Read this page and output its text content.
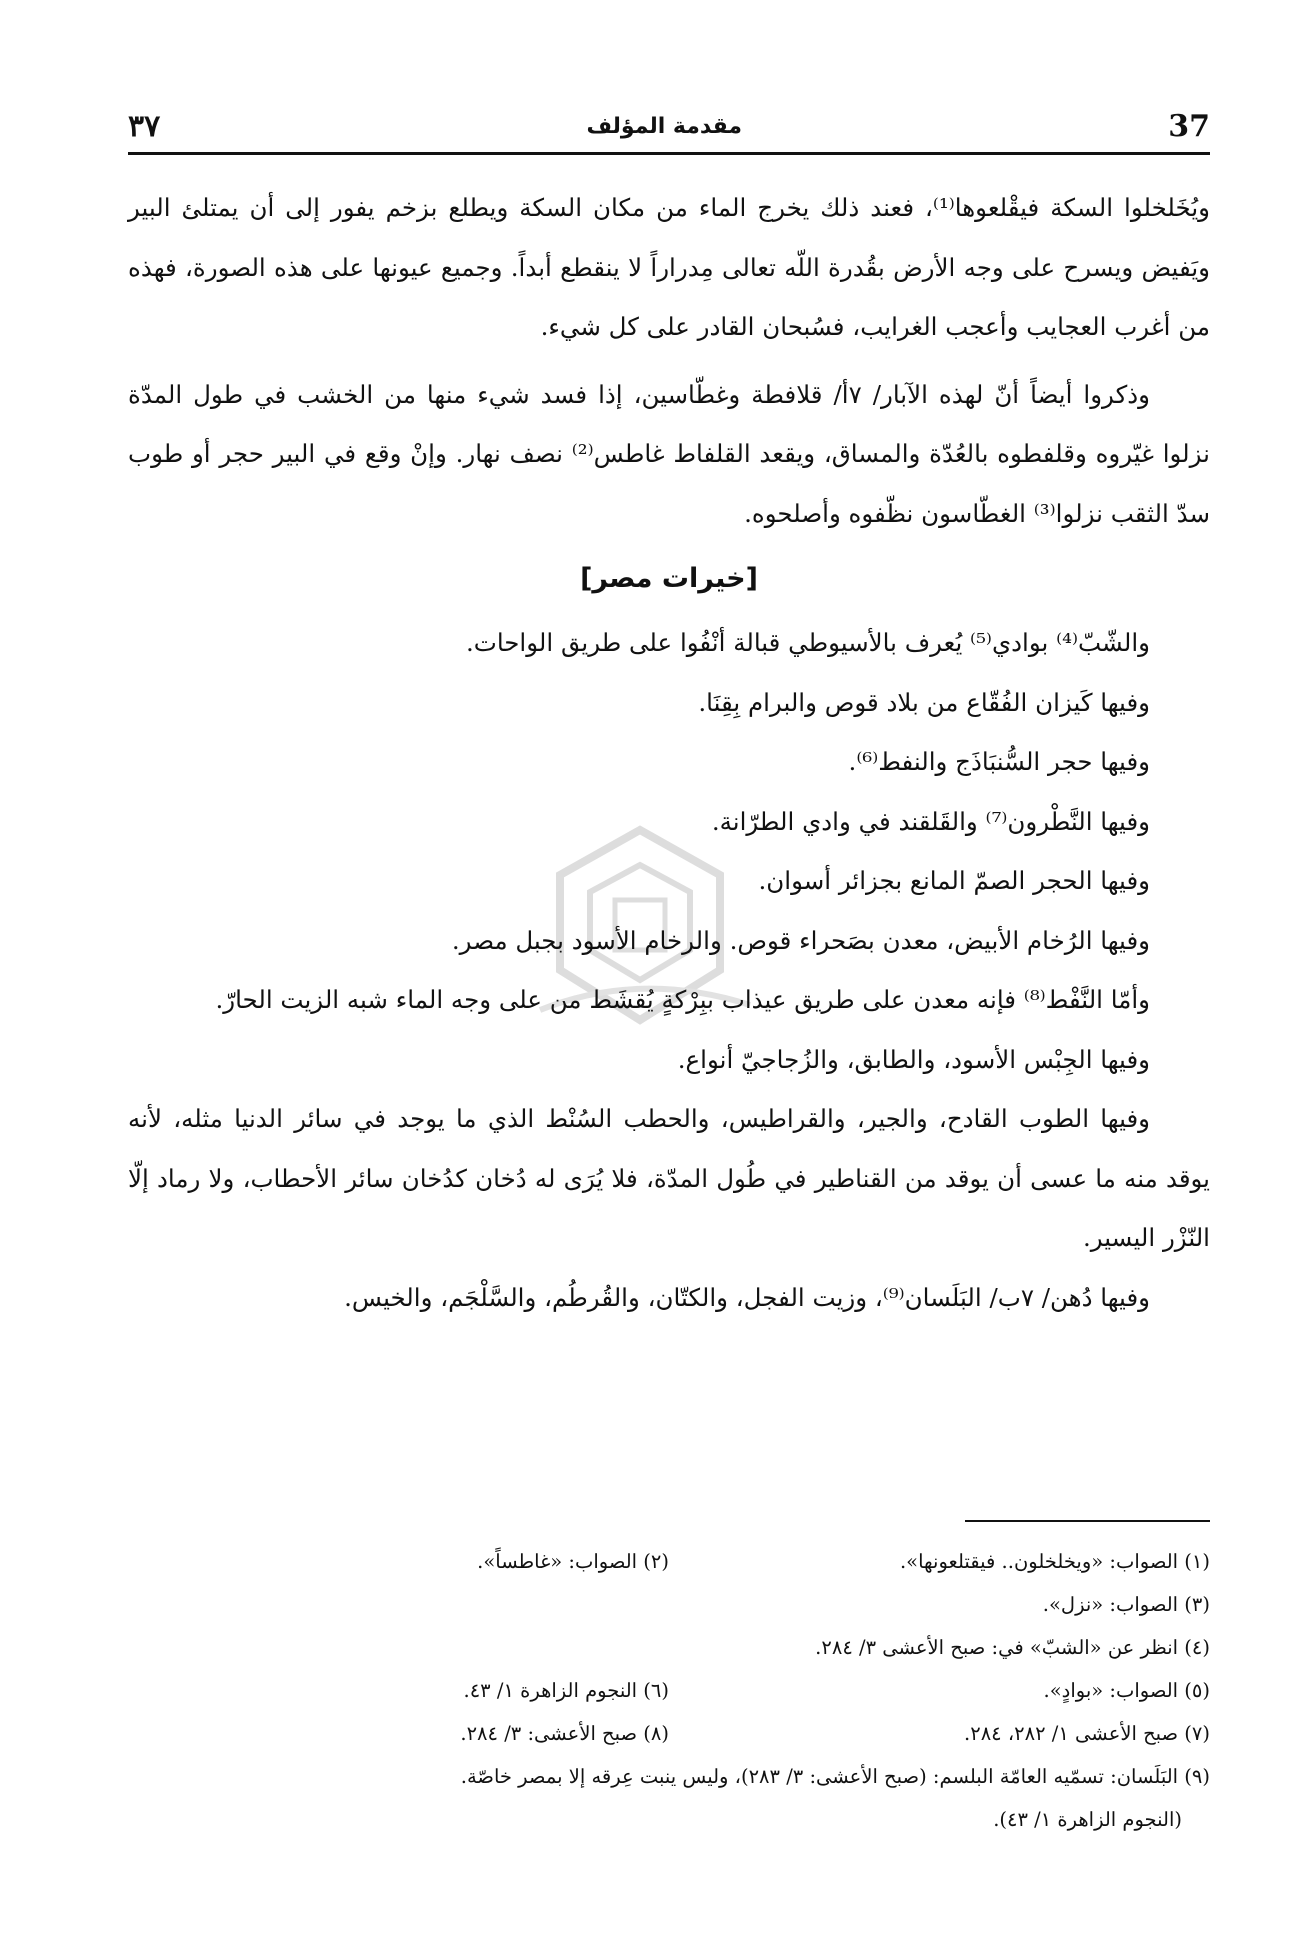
٣٧	مقدمة المؤلف	37

ويُخَلخلوا السكة فيقْلعوها⁽¹⁾، فعند ذلك يخرج الماء من مكان السكة ويطلع بزخم يفور إلى أن يمتلئ البير ويَفيض ويسرح على وجه الأرض بقُدرة اللّه تعالى مِدراراً لا ينقطع أبداً. وجميع عيونها على هذه الصورة، فهذه من أغرب العجايب وأعجب الغرايب، فسُبحان القادر على كل شيء.

وذكروا أيضاً أنّ لهذه الآبار/ ٧أ/ قلافطة وغطّاسين، إذا فسد شيء منها من الخشب في طول المدّة نزلوا غيّروه وقلفطوه بالعُدّة والمساق، ويقعد القلفاط غاطس⁽²⁾ نصف نهار. وإنْ وقع في البير حجر أو طوب سدّ الثقب نزلوا⁽³⁾ الغطّاسون نظّفوه وأصلحوه.

[خيرات مصر]

والشّبّ⁽⁴⁾ بوادي⁽⁵⁾ يُعرف بالأسيوطي قبالة أنْفُوا على طريق الواحات.

وفيها كَيزان الفُقّاع من بلاد قوص والبرام بِقِنَا.

وفيها حجر السُّنبَاذَج والنفط⁽⁶⁾.

وفيها النَّطْرون⁽⁷⁾ والقَلقند في وادي الطرّانة.

وفيها الحجر الصمّ المانع بجزائر أسوان.

وفيها الرُخام الأبيض، معدن بصَحراء قوص. والرخام الأسود بجبل مصر.

وأمّا النَّفْط⁽⁸⁾ فإنه معدن على طريق عيذاب ببِرْكةٍ يُقشَط من على وجه الماء شبه الزيت الحارّ.

وفيها الجِبْس الأسود، والطابق، والزُجاجيّ أنواع.

وفيها الطوب القادح، والجير، والقراطيس، والحطب السُنْط الذي ما يوجد في سائر الدنيا مثله، لأنه يوقد منه ما عسى أن يوقد من القناطير في طُول المدّة، فلا يُرَى له دُخان كدُخان سائر الأحطاب، ولا رماد إلّا النّزْر اليسير.

وفيها دُهن/ ٧ب/ البَلَسان⁽⁹⁾، وزيت الفجل، والكتّان، والقُرطُم، والسَّلْجَم، والخيس.

(١) الصواب: «ويخلخلون.. فيقتلعونها».
(٢) الصواب: «غاطساً».
(٣) الصواب: «نزل».
(٤) انظر عن «الشبّ» في: صبح الأعشى ٣/ ٢٨٤.
(٥) الصواب: «بوادٍ».
(٦) النجوم الزاهرة ١/ ٤٣.
(٧) صبح الأعشى ١/ ٢٨٢، ٢٨٤.
(٨) صبح الأعشى: ٣/ ٢٨٤.
(٩) البَلَسان: تسمّيه العامّة البلسم: (صبح الأعشى: ٣/ ٢٨٣)، وليس ينبت عِرقه إلا بمصر خاصّة.
(النجوم الزاهرة ١/ ٤٣).
